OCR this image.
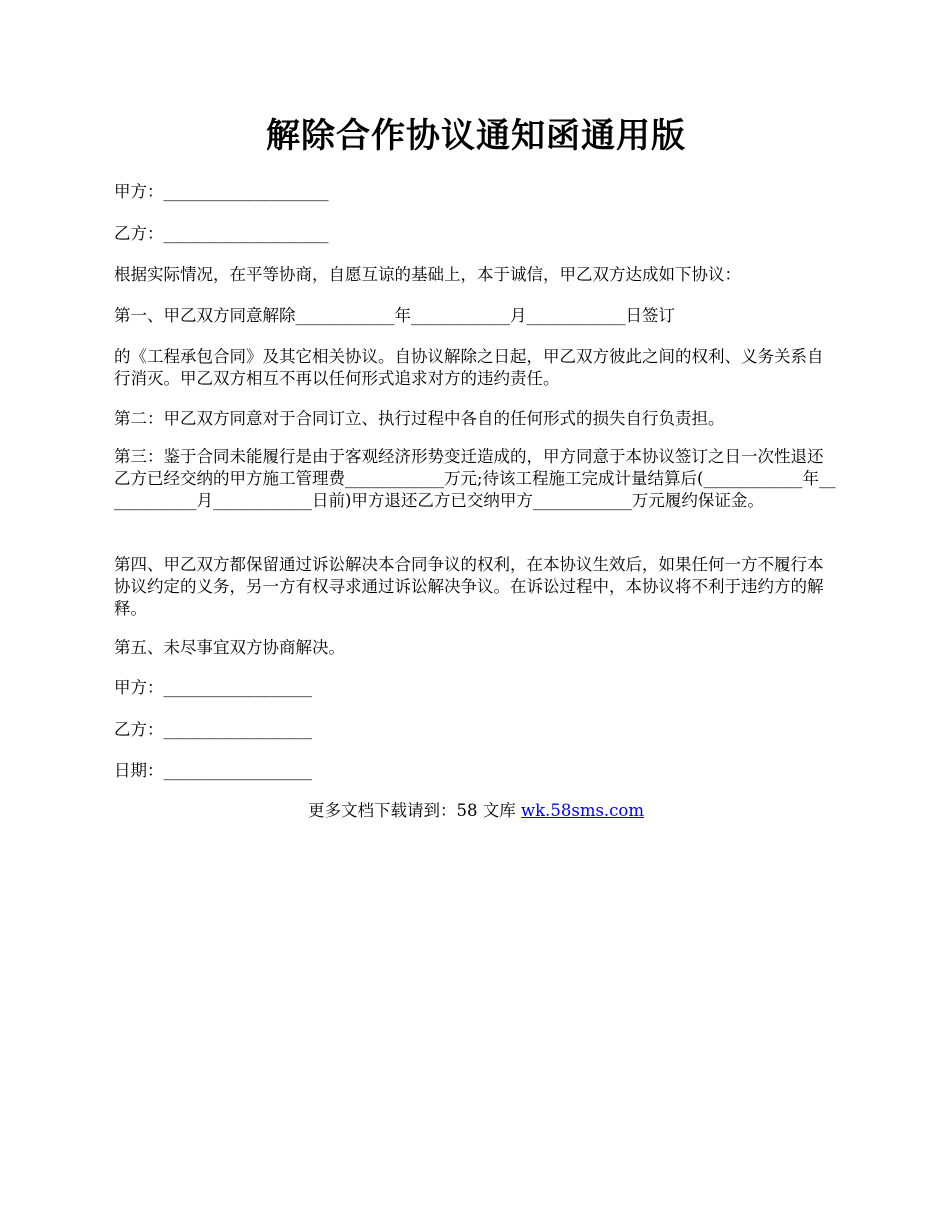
解除合作协议通知函通用版

甲方：____________________

乙方：____________________

根据实际情况，在平等协商，自愿互谅的基础上，本于诚信，甲乙双方达成如下协议：

第一、甲乙双方同意解除____________年____________月____________日签订

的《工程承包合同》及其它相关协议。自协议解除之日起，甲乙双方彼此之间的权利、义务关系自行消灭。甲乙双方相互不再以任何形式追求对方的违约责任。

第二：甲乙双方同意对于合同订立、执行过程中各自的任何形式的损失自行负责担。

第三：鉴于合同未能履行是由于客观经济形势变迁造成的，甲方同意于本协议签订之日一次性退还乙方已经交纳的甲方施工管理费____________万元;待该工程施工完成计量结算后(____________年____________月____________日前)甲方退还乙方已交纳甲方____________万元履约保证金。

第四、甲乙双方都保留通过诉讼解决本合同争议的权利，在本协议生效后，如果任何一方不履行本协议约定的义务，另一方有权寻求通过诉讼解决争议。在诉讼过程中，本协议将不利于违约方的解释。

第五、未尽事宜双方协商解决。

甲方：__________________

乙方：__________________

日期：__________________

更多文档下载请到：58 文库 wk.58sms.com
